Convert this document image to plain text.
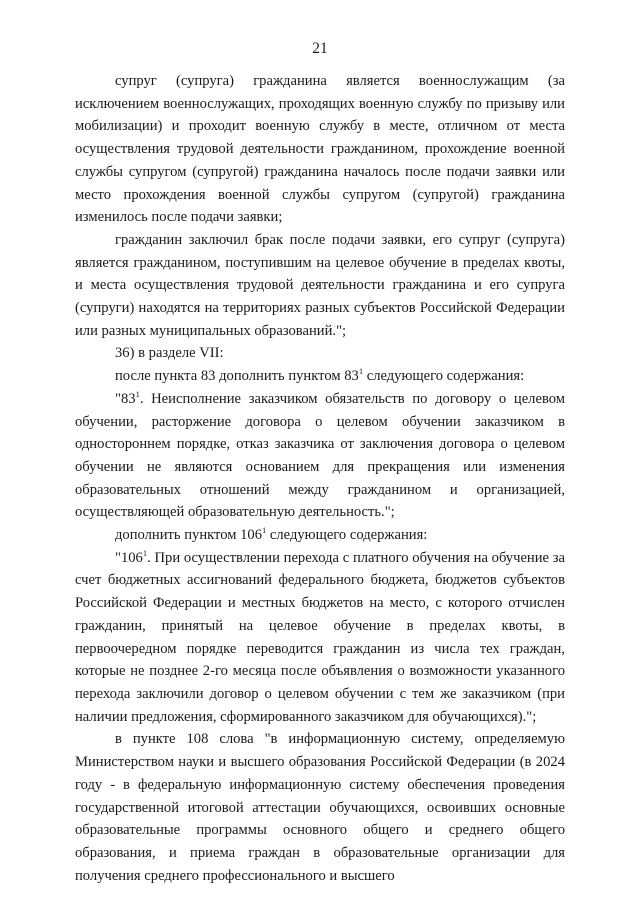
21

супруг (супруга) гражданина является военнослужащим (за исключением военнослужащих, проходящих военную службу по призыву или мобилизации) и проходит военную службу в месте, отличном от места осуществления трудовой деятельности гражданином, прохождение военной службы супругом (супругой) гражданина началось после подачи заявки или место прохождения военной службы супругом (супругой) гражданина изменилось после подачи заявки;

гражданин заключил брак после подачи заявки, его супруг (супруга) является гражданином, поступившим на целевое обучение в пределах квоты, и места осуществления трудовой деятельности гражданина и его супруга (супруги) находятся на территориях разных субъектов Российской Федерации или разных муниципальных образований.";

36) в разделе VII:

после пункта 83 дополнить пунктом $83^1$ следующего содержания:

"$83^1$. Неисполнение заказчиком обязательств по договору о целевом обучении, расторжение договора о целевом обучении заказчиком в одностороннем порядке, отказ заказчика от заключения договора о целевом обучении не являются основанием для прекращения или изменения образовательных отношений между гражданином и организацией, осуществляющей образовательную деятельность.";

дополнить пунктом $106^1$ следующего содержания:

"$106^1$. При осуществлении перехода с платного обучения на обучение за счет бюджетных ассигнований федерального бюджета, бюджетов субъектов Российской Федерации и местных бюджетов на место, с которого отчислен гражданин, принятый на целевое обучение в пределах квоты, в первоочередном порядке переводится гражданин из числа тех граждан, которые не позднее 2-го месяца после объявления о возможности указанного перехода заключили договор о целевом обучении с тем же заказчиком (при наличии предложения, сформированного заказчиком для обучающихся).";

в пункте 108 слова "в информационную систему, определяемую Министерством науки и высшего образования Российской Федерации (в 2024 году - в федеральную информационную систему обеспечения проведения государственной итоговой аттестации обучающихся, освоивших основные образовательные программы основного общего и среднего общего образования, и приема граждан в образовательные организации для получения среднего профессионального и высшего
